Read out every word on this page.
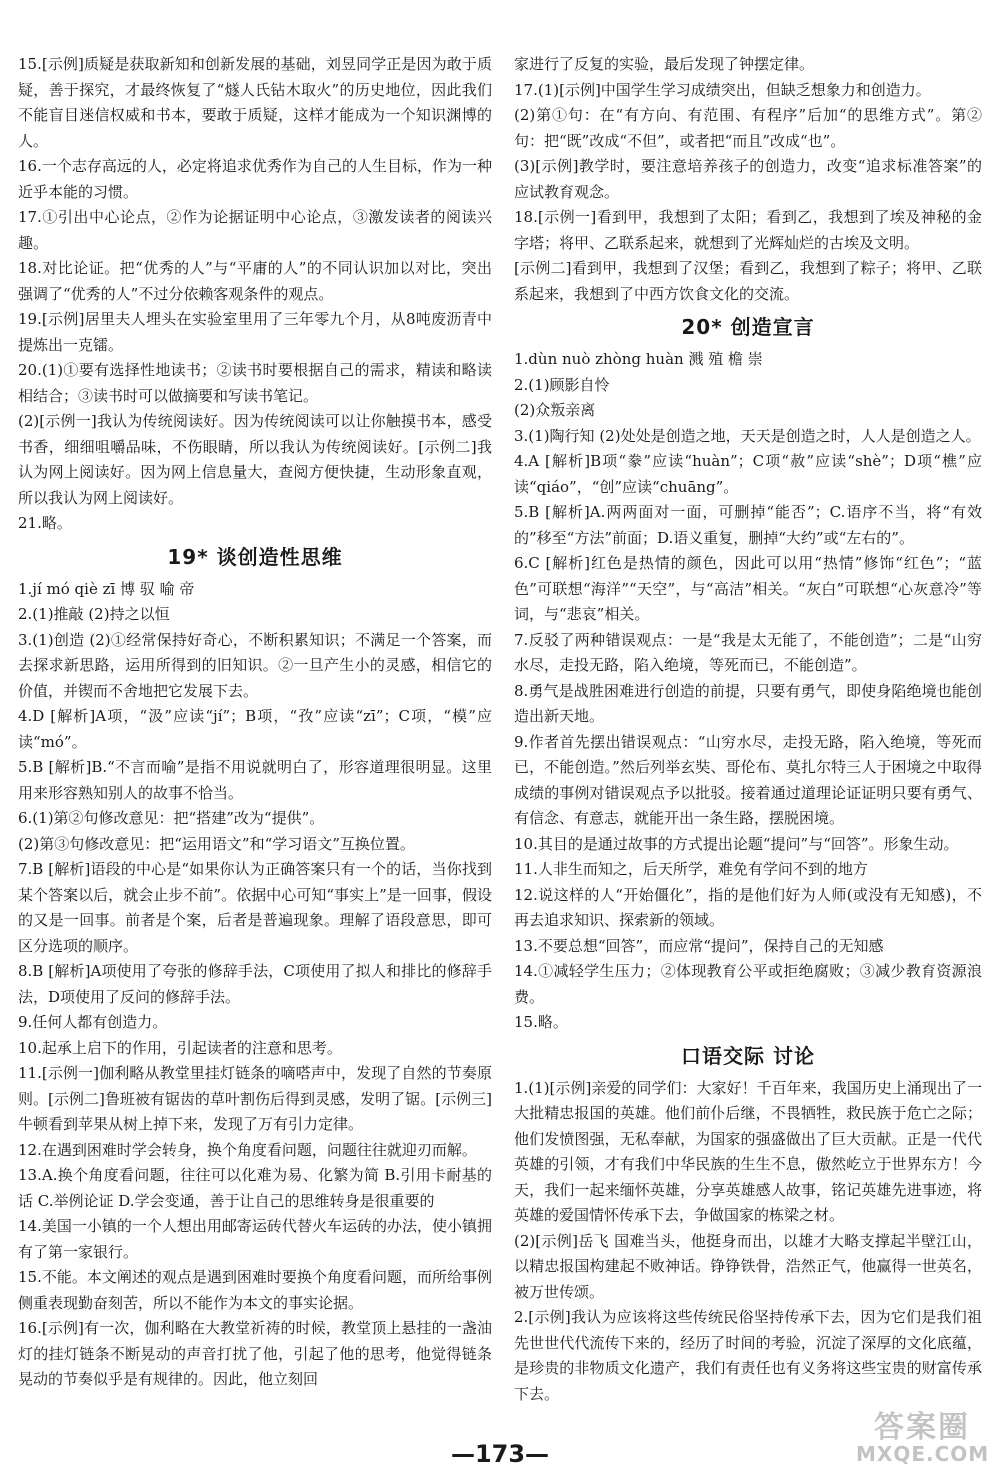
15.[示例]质疑是获取新知和创新发展的基础，刘昱同学正是因为敢于质疑，善于探究，才最终恢复了“燧人氏钻木取火”的历史地位，因此我们不能盲目迷信权威和书本，要敢于质疑，这样才能成为一个知识渊博的人。

16.一个志存高远的人，必定将追求优秀作为自己的人生目标，作为一种近乎本能的习惯。

17.①引出中心论点，②作为论据证明中心论点，③激发读者的阅读兴趣。

18.对比论证。把“优秀的人”与“平庸的人”的不同认识加以对比，突出强调了“优秀的人”不过分依赖客观条件的观点。

19.[示例]居里夫人埋头在实验室里用了三年零九个月，从8吨废沥青中提炼出一克镭。

20.(1)①要有选择性地读书；②读书时要根据自己的需求，精读和略读相结合；③读书时可以做摘要和写读书笔记。

(2)[示例一]我认为传统阅读好。因为传统阅读可以让你触摸书本，感受书香，细细咀嚼品味，不伤眼睛，所以我认为传统阅读好。[示例二]我认为网上阅读好。因为网上信息量大，查阅方便快捷，生动形象直观，所以我认为网上阅读好。

21.略。

19* 谈创造性思维

1.jí mó qiè zī 博 驭 喻 帝

2.(1)推敲 (2)持之以恒

3.(1)创造 (2)①经常保持好奇心，不断积累知识；不满足一个答案，而去探求新思路，运用所得到的旧知识。②一旦产生小的灵感，相信它的价值，并锲而不舍地把它发展下去。

4.D [解析]A项，“汲”应读“jí”；B项，“孜”应读“zī”；C项，“模”应读“mó”。

5.B [解析]B.“不言而喻”是指不用说就明白了，形容道理很明显。这里用来形容熟知别人的故事不恰当。

6.(1)第②句修改意见：把“搭建”改为“提供”。

(2)第③句修改意见：把“运用语文”和“学习语文”互换位置。

7.B [解析]语段的中心是“如果你认为正确答案只有一个的话，当你找到某个答案以后，就会止步不前”。依据中心可知“事实上”是一回事，假设的又是一回事。前者是个案，后者是普遍现象。理解了语段意思，即可区分选项的顺序。

8.B [解析]A项使用了夸张的修辞手法，C项使用了拟人和排比的修辞手法，D项使用了反问的修辞手法。

9.任何人都有创造力。

10.起承上启下的作用，引起读者的注意和思考。

11.[示例一]伽利略从教堂里挂灯链条的嘀嗒声中，发现了自然的节奏原则。[示例二]鲁班被有锯齿的草叶割伤后得到灵感，发明了锯。[示例三]牛顿看到苹果从树上掉下来，发现了万有引力定律。

12.在遇到困难时学会转身，换个角度看问题，问题往往就迎刃而解。

13.A.换个角度看问题，往往可以化难为易、化繁为简 B.引用卡耐基的话 C.举例论证 D.学会变通，善于让自己的思维转身是很重要的

14.美国一小镇的一个人想出用邮寄运砖代替火车运砖的办法，使小镇拥有了第一家银行。

15.不能。本文阐述的观点是遇到困难时要换个角度看问题，而所给事例侧重表现勤奋刻苦，所以不能作为本文的事实论据。

16.[示例]有一次，伽利略在大教堂祈祷的时候，教堂顶上悬挂的一盏油灯的挂灯链条不断晃动的声音打扰了他，引起了他的思考，他觉得链条晃动的节奏似乎是有规律的。因此，他立刻回

家进行了反复的实验，最后发现了钟摆定律。

17.(1)[示例]中国学生学习成绩突出，但缺乏想象力和创造力。

(2)第①句：在“有方向、有范围、有程序”后加“的思维方式”。第②句：把“既”改成“不但”，或者把“而且”改成“也”。

(3)[示例]教学时，要注意培养孩子的创造力，改变“追求标准答案”的应试教育观念。

18.[示例一]看到甲，我想到了太阳；看到乙，我想到了埃及神秘的金字塔；将甲、乙联系起来，就想到了光辉灿烂的古埃及文明。

[示例二]看到甲，我想到了汉堡；看到乙，我想到了粽子；将甲、乙联系起来，我想到了中西方饮食文化的交流。

20* 创造宣言

1.dùn nuò zhòng huàn 溅 殖 檐 崇

2.(1)顾影自怜

(2)众叛亲离

3.(1)陶行知 (2)处处是创造之地，天天是创造之时，人人是创造之人。

4.A [解析]B项“豢”应读“huàn”；C项“赦”应读“shè”；D项“樵”应读“qiáo”，“创”应读“chuāng”。

5.B [解析]A.两两面对一面，可删掉“能否”；C.语序不当，将“有效的”移至“方法”前面；D.语义重复，删掉“大约”或“左右的”。

6.C [解析]红色是热情的颜色，因此可以用“热情”修饰“红色”；“蓝色”可联想“海洋”“天空”，与“高洁”相关。“灰白”可联想“心灰意冷”等词，与“悲哀”相关。

7.反驳了两种错误观点：一是“我是太无能了，不能创造”；二是“山穷水尽，走投无路，陷入绝境，等死而已，不能创造”。

8.勇气是战胜困难进行创造的前提，只要有勇气，即使身陷绝境也能创造出新天地。

9.作者首先摆出错误观点：“山穷水尽，走投无路，陷入绝境，等死而已，不能创造。”然后列举玄奘、哥伦布、莫扎尔特三人于困境之中取得成绩的事例对错误观点予以批驳。接着通过道理论证证明只要有勇气、有信念、有意志，就能开出一条生路，摆脱困境。

10.其目的是通过故事的方式提出论题“提问”与“回答”。形象生动。

11.人非生而知之，后天所学，难免有学问不到的地方

12.说这样的人“开始僵化”，指的是他们好为人师(或没有无知感)，不再去追求知识、探索新的领域。

13.不要总想“回答”，而应常“提问”，保持自己的无知感

14.①减轻学生压力；②体现教育公平或拒绝腐败；③减少教育资源浪费。

15.略。

口语交际 讨论

1.(1)[示例]亲爱的同学们：大家好！千百年来，我国历史上涌现出了一大批精忠报国的英雄。他们前仆后继，不畏牺牲，救民族于危亡之际；他们发愤图强，无私奉献，为国家的强盛做出了巨大贡献。正是一代代英雄的引领，才有我们中华民族的生生不息，傲然屹立于世界东方！今天，我们一起来缅怀英雄，分享英雄感人故事，铭记英雄先进事迹，将英雄的爱国情怀传承下去，争做国家的栋梁之材。

(2)[示例]岳飞 国难当头，他挺身而出，以雄才大略支撑起半壁江山，以精忠报国构建起不败神话。铮铮铁骨，浩然正气，他赢得一世英名，被万世传颂。

2.[示例]我认为应该将这些传统民俗坚持传承下去，因为它们是我们祖先世世代代流传下来的，经历了时间的考验，沉淀了深厚的文化底蕴，是珍贵的非物质文化遗产，我们有责任也有义务将这些宝贵的财富传承下去。

—173—
答案圈
MXQE.COM
